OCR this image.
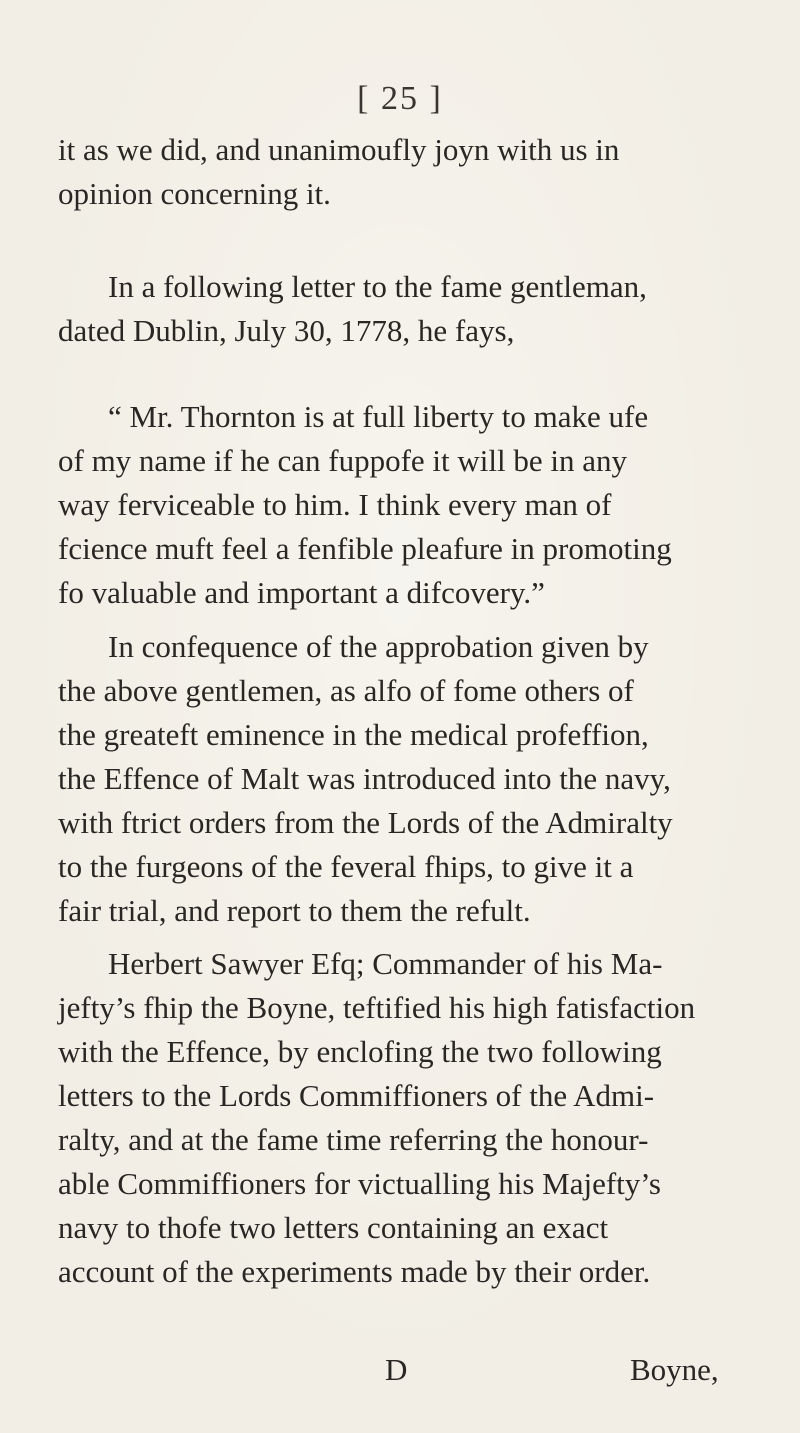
[ 25 ]

it as we did, and unanimoufly joyn with us in
opinion concerning it.

In a following letter to the fame gentleman,
dated Dublin, July 30, 1778, he fays,

“ Mr. Thornton is at full liberty to make ufe
of my name if he can fuppofe it will be in any
way ferviceable to him. I think every man of
fcience muft feel a fenfible pleafure in promoting
fo valuable and important a difcovery.”

In confequence of the approbation given by
the above gentlemen, as alfo of fome others of
the greateft eminence in the medical profeffion,
the Effence of Malt was introduced into the navy,
with ftrict orders from the Lords of the Admiralty
to the furgeons of the feveral fhips, to give it a
fair trial, and report to them the refult.

Herbert Sawyer Efq; Commander of his Ma-
jefty’s fhip the Boyne, teftified his high fatisfaction
with the Effence, by enclofing the two following
letters to the Lords Commiffioners of the Admi-
ralty, and at the fame time referring the honour-
able Commiffioners for victualling his Majefty’s
navy to thofe two letters containing an exact
account of the experiments made by their order.

D	Boyne,
